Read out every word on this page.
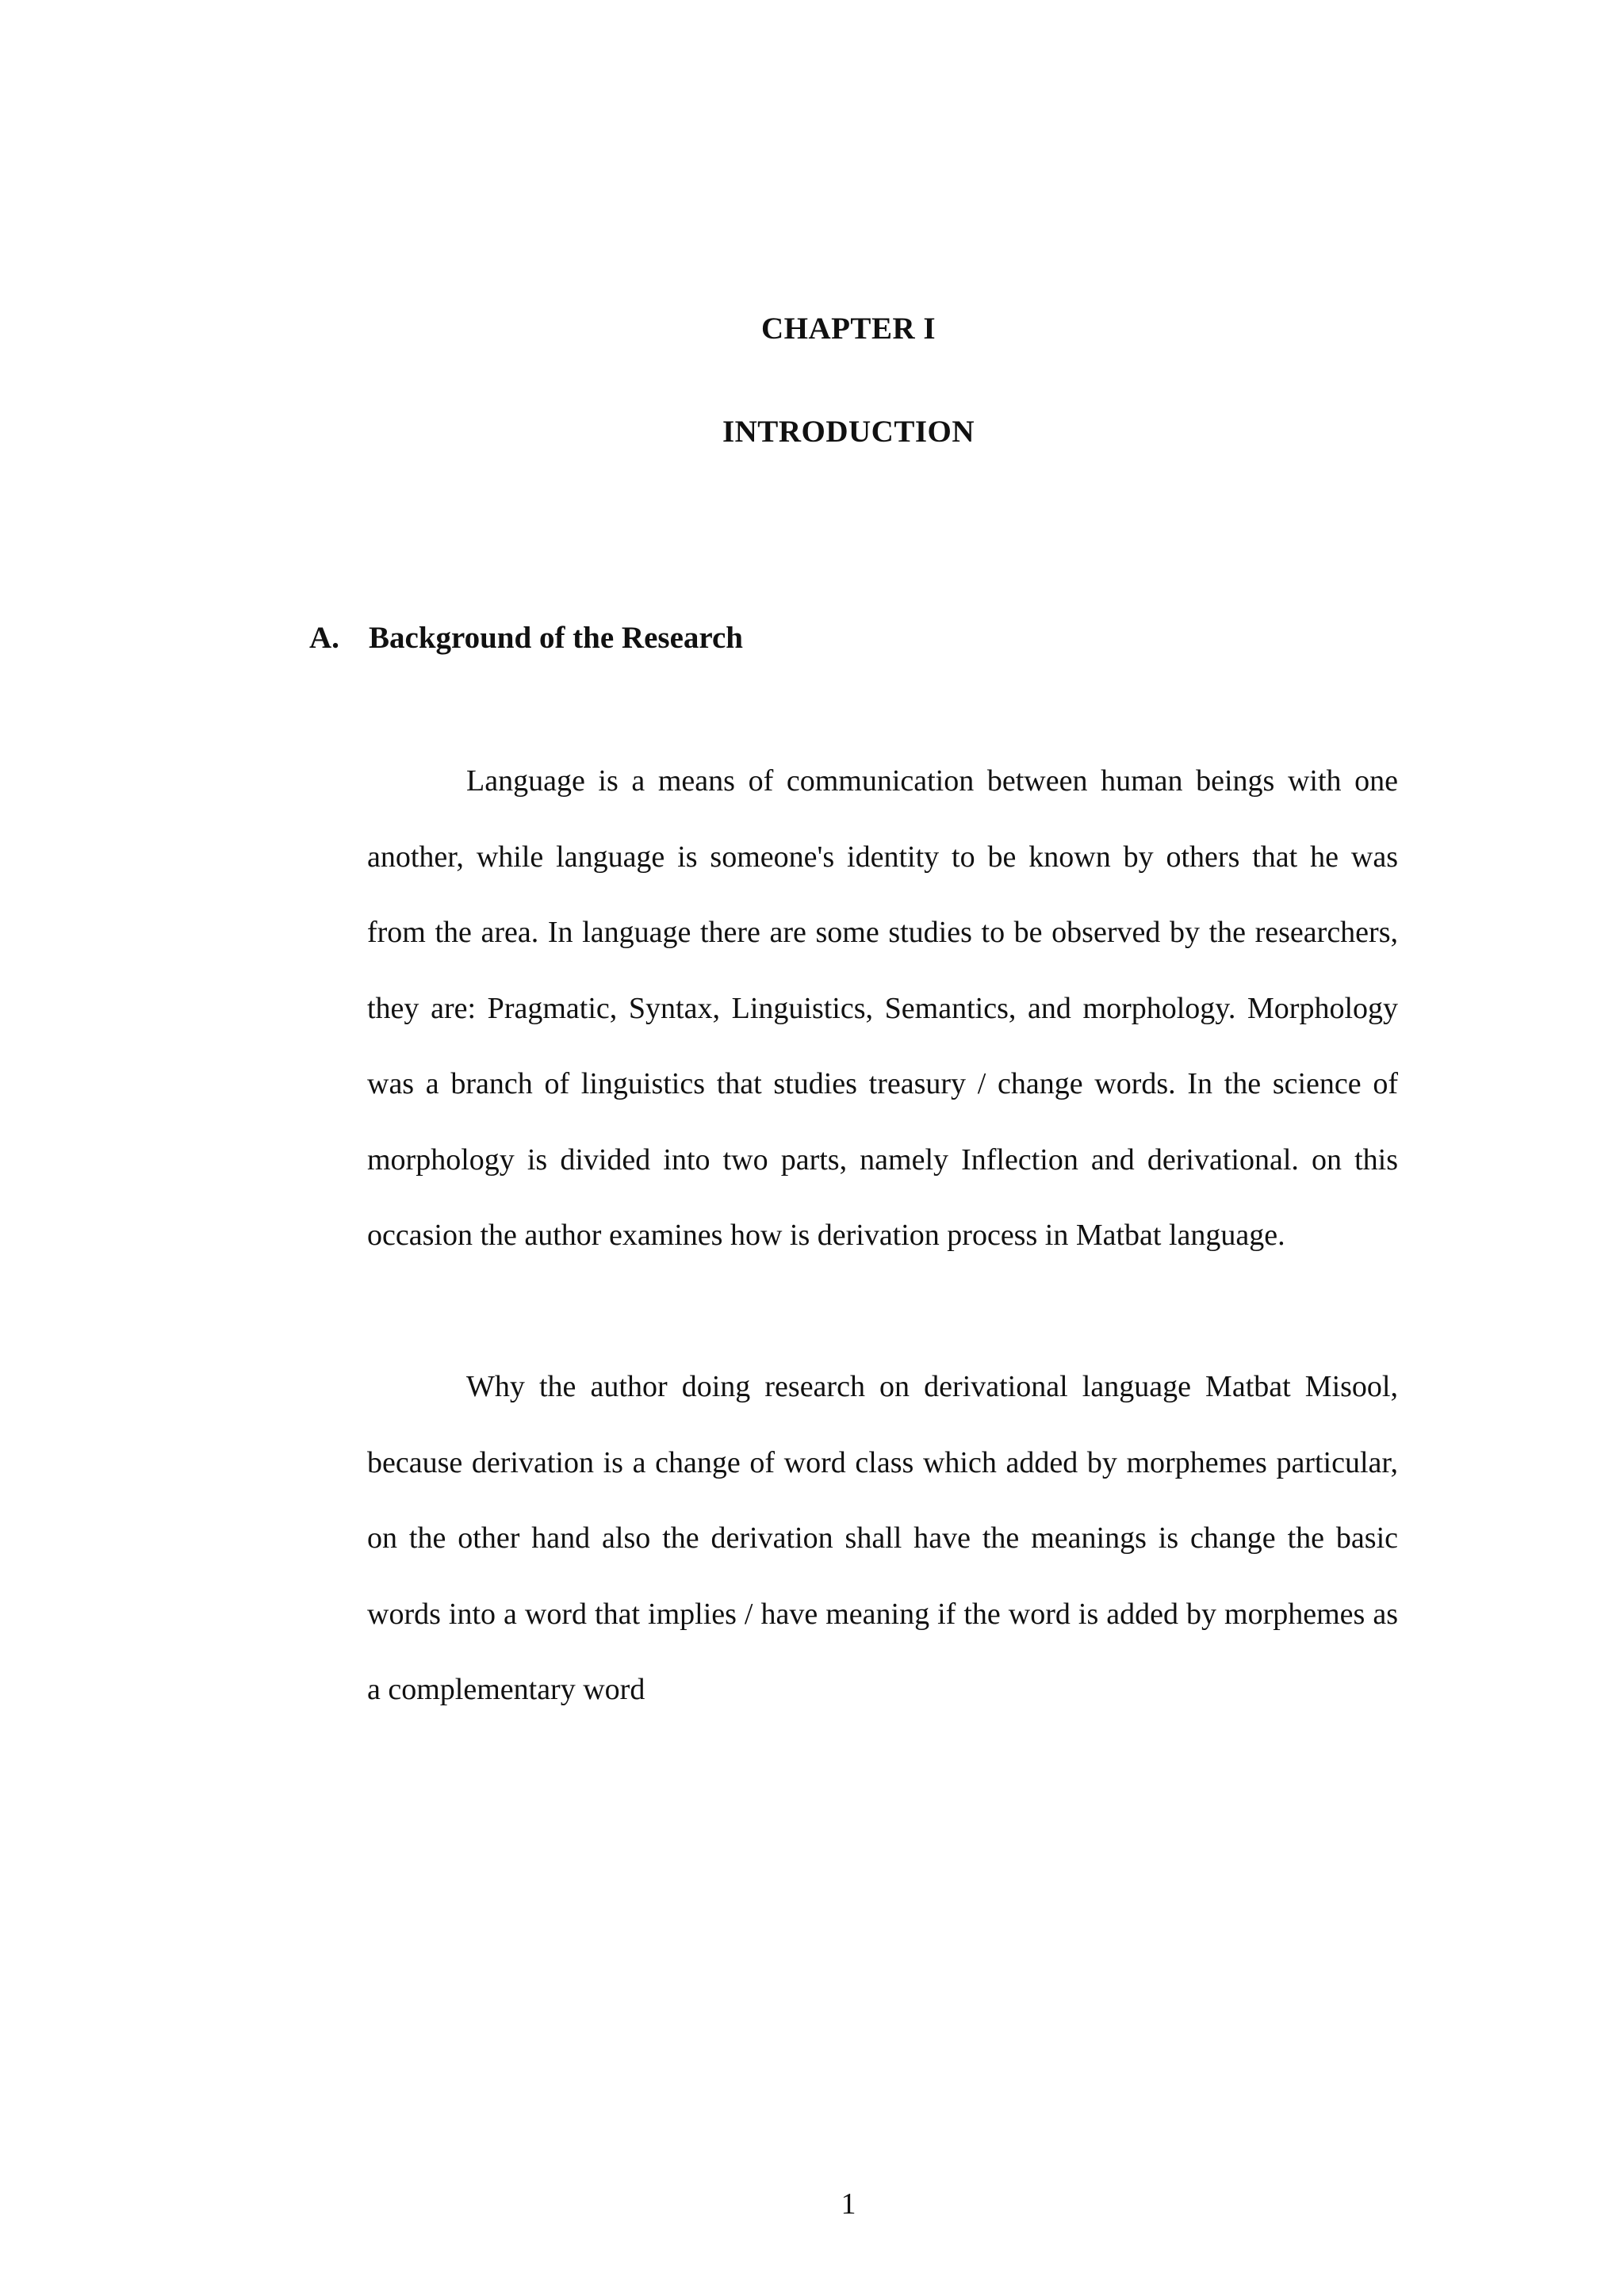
CHAPTER I
INTRODUCTION
A. Background of the Research

Language is a means of communication between human beings with one another, while language is someone's identity to be known by others that he was from the area. In language there are some studies to be observed by the researchers, they are: Pragmatic, Syntax, Linguistics, Semantics, and morphology. Morphology was a branch of linguistics that studies treasury / change words. In the science of morphology is divided into two parts, namely Inflection and derivational. on this occasion the author examines how is derivation process in Matbat language.

Why the author doing research on derivational language Matbat Misool, because derivation is a change of word class which added by morphemes particular, on the other hand also the derivation shall have the meanings is change the basic words into a word that implies / have meaning if the word is added by morphemes as a complementary word

1
